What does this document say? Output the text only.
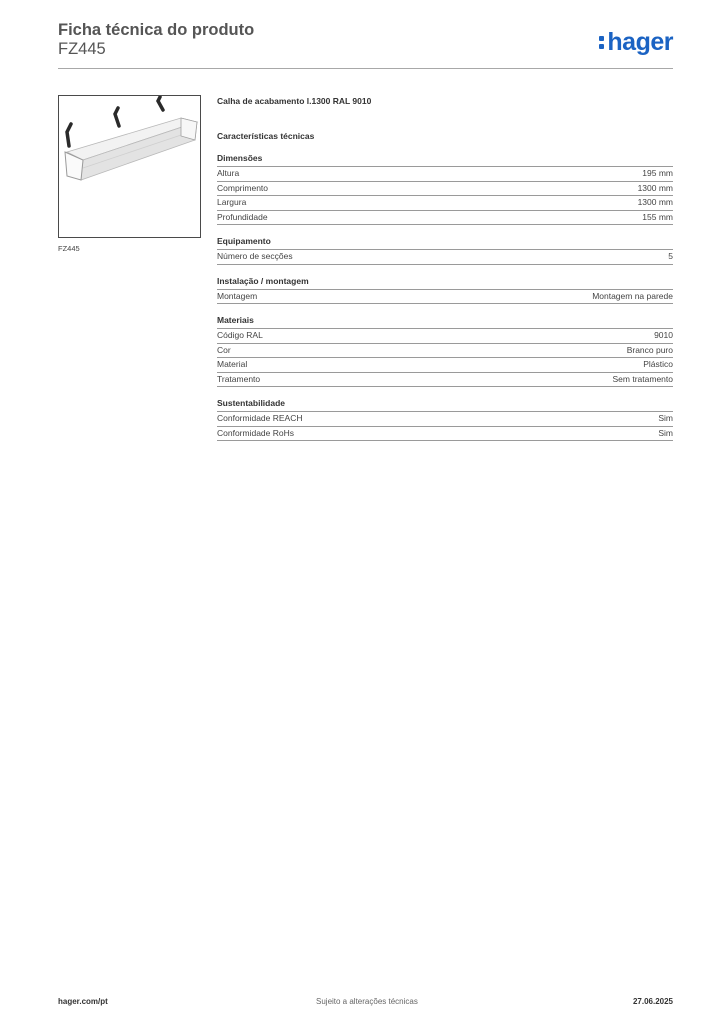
Ficha técnica do produto
FZ445	hager
FZ445
Calha de acabamento l.1300 RAL 9010
Características técnicas
Dimensões
Altura	195 mm
Comprimento	1300 mm
Largura	1300 mm
Profundidade	155 mm
Equipamento
Número de secções	5
Instalação / montagem
Montagem	Montagem na parede
Materiais
Código RAL	9010
Cor	Branco puro
Material	Plástico
Tratamento	Sem tratamento
Sustentabilidade
Conformidade REACH	Sim
Conformidade RoHs	Sim
hager.com/pt	Sujeito a alterações técnicas	27.06.2025
